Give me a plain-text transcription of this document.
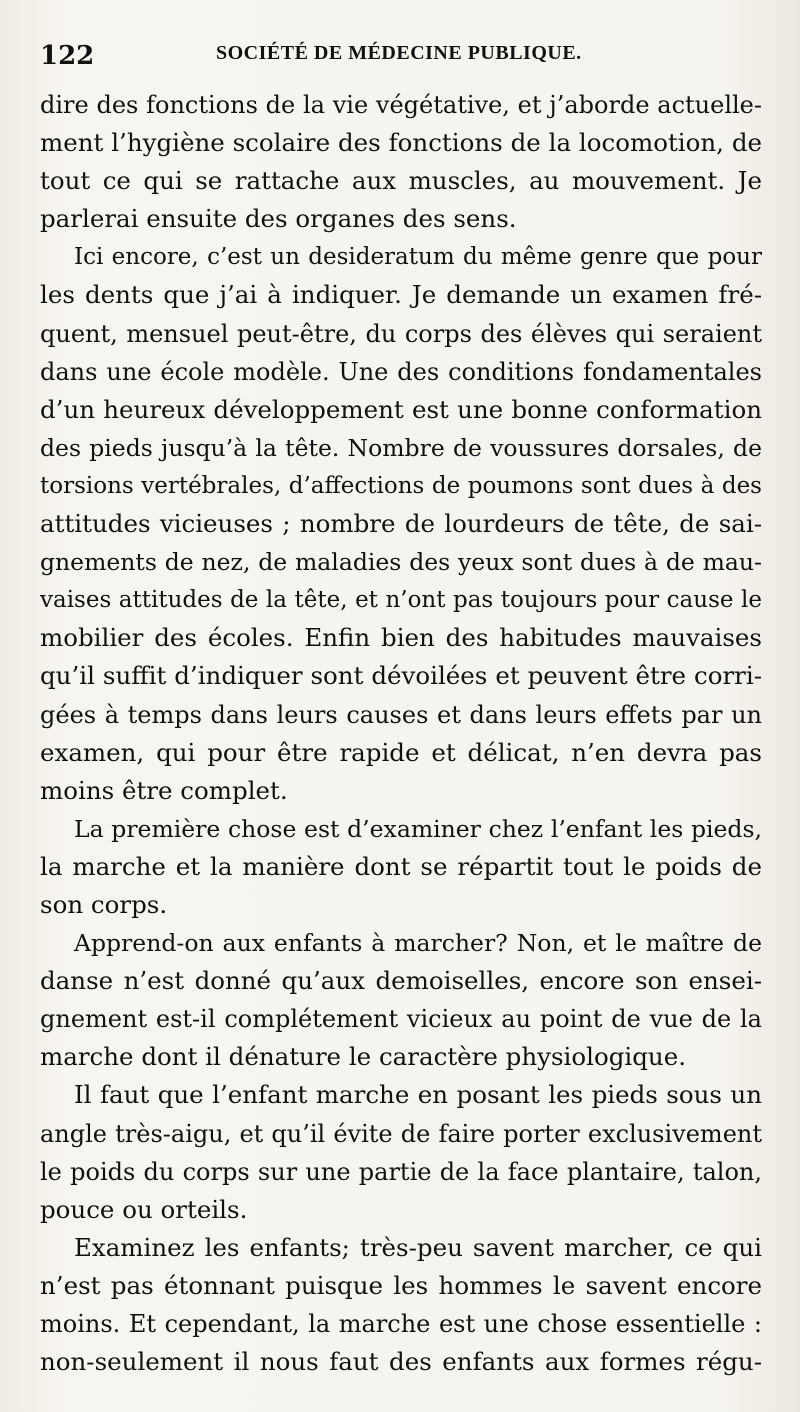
122	SOCIÉTÉ DE MÉDECINE PUBLIQUE.
dire des fonctions de la vie végétative, et j’aborde actuelle-
ment l’hygiène scolaire des fonctions de la locomotion, de
tout ce qui se rattache aux muscles, au mouvement. Je
parlerai ensuite des organes des sens.
Ici encore, c’est un desideratum du même genre que pour
les dents que j’ai à indiquer. Je demande un examen fré-
quent, mensuel peut-être, du corps des élèves qui seraient
dans une école modèle. Une des conditions fondamentales
d’un heureux développement est une bonne conformation
des pieds jusqu’à la tête. Nombre de voussures dorsales, de
torsions vertébrales, d’affections de poumons sont dues à des
attitudes vicieuses ; nombre de lourdeurs de tête, de sai-
gnements de nez, de maladies des yeux sont dues à de mau-
vaises attitudes de la tête, et n’ont pas toujours pour cause le
mobilier des écoles. Enfin bien des habitudes mauvaises
qu’il suffit d’indiquer sont dévoilées et peuvent être corri-
gées à temps dans leurs causes et dans leurs effets par un
examen, qui pour être rapide et délicat, n’en devra pas
moins être complet.
La première chose est d’examiner chez l’enfant les pieds,
la marche et la manière dont se répartit tout le poids de
son corps.
Apprend-on aux enfants à marcher? Non, et le maître de
danse n’est donné qu’aux demoiselles, encore son ensei-
gnement est-il complétement vicieux au point de vue de la
marche dont il dénature le caractère physiologique.
Il faut que l’enfant marche en posant les pieds sous un
angle très-aigu, et qu’il évite de faire porter exclusivement
le poids du corps sur une partie de la face plantaire, talon,
pouce ou orteils.
Examinez les enfants; très-peu savent marcher, ce qui
n’est pas étonnant puisque les hommes le savent encore
moins. Et cependant, la marche est une chose essentielle :
non-seulement il nous faut des enfants aux formes régu-
